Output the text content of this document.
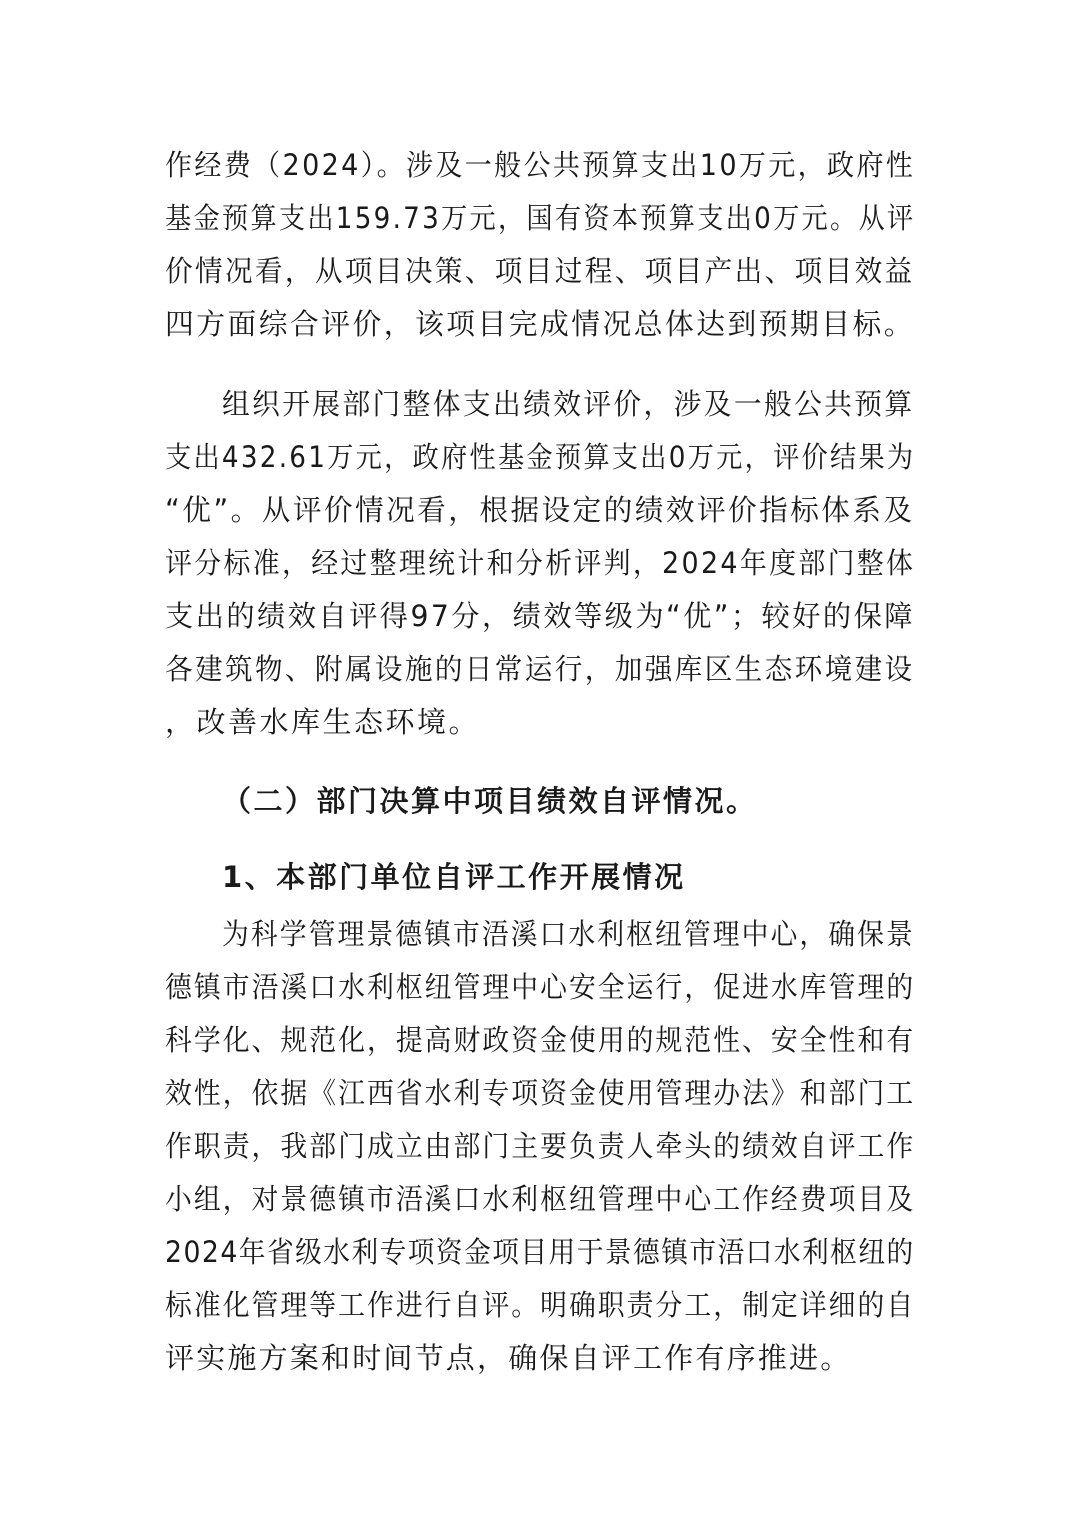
作经费（2024）。涉及一般公共预算支出10万元，政府性
基金预算支出159.73万元，国有资本预算支出0万元。从评
价情况看，从项目决策、项目过程、项目产出、项目效益
四方面综合评价，该项目完成情况总体达到预期目标。
组织开展部门整体支出绩效评价，涉及一般公共预算
支出432.61万元，政府性基金预算支出0万元，评价结果为
“优”。从评价情况看，根据设定的绩效评价指标体系及
评分标准，经过整理统计和分析评判，2024年度部门整体
支出的绩效自评得97分，绩效等级为“优”；较好的保障
各建筑物、附属设施的日常运行，加强库区生态环境建设
，改善水库生态环境。
（二）部门决算中项目绩效自评情况。
1、本部门单位自评工作开展情况
为科学管理景德镇市浯溪口水利枢纽管理中心，确保景
德镇市浯溪口水利枢纽管理中心安全运行，促进水库管理的
科学化、规范化，提高财政资金使用的规范性、安全性和有
效性，依据《江西省水利专项资金使用管理办法》和部门工
作职责，我部门成立由部门主要负责人牵头的绩效自评工作
小组，对景德镇市浯溪口水利枢纽管理中心工作经费项目及
2024年省级水利专项资金项目用于景德镇市浯口水利枢纽的
标准化管理等工作进行自评。明确职责分工，制定详细的自
评实施方案和时间节点，确保自评工作有序推进。
